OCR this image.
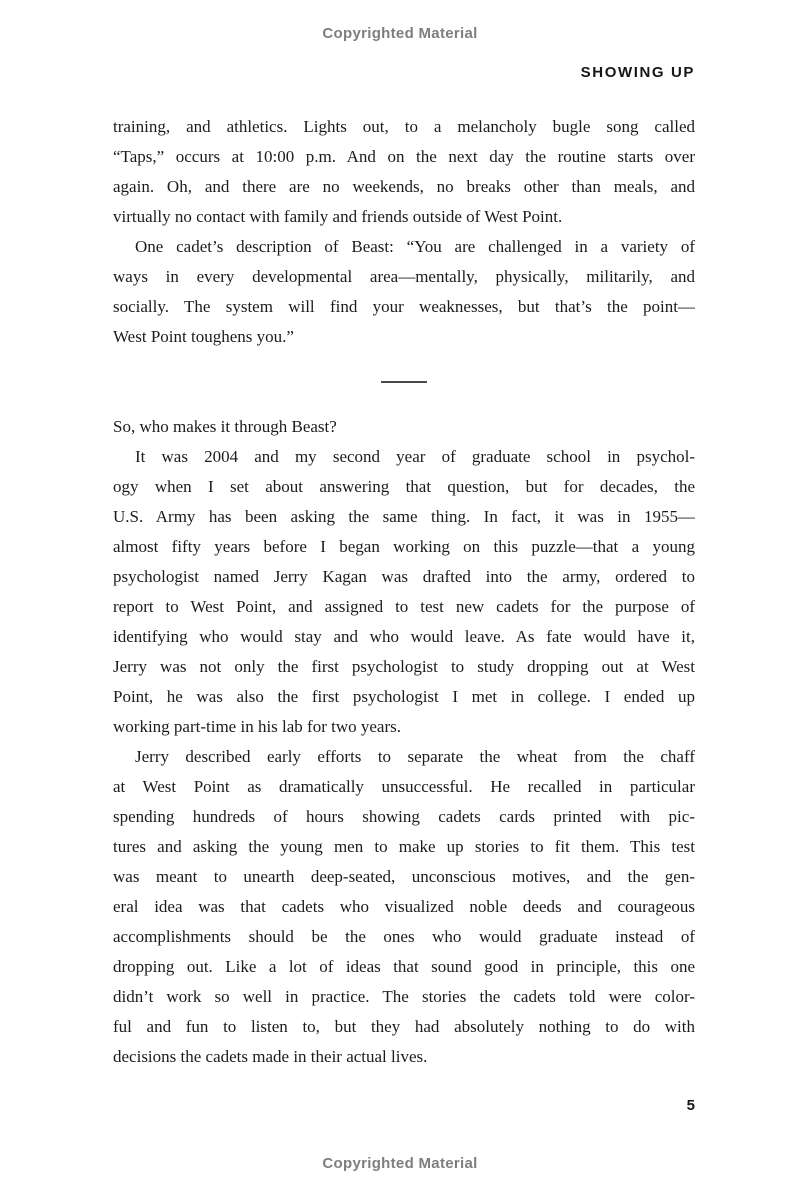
Copyrighted Material
SHOWING UP
training, and athletics. Lights out, to a melancholy bugle song called
“Taps,” occurs at 10:00 p.m. And on the next day the routine starts over
again. Oh, and there are no weekends, no breaks other than meals, and
virtually no contact with family and friends outside of West Point.
One cadet’s description of Beast: “You are challenged in a variety of
ways in every developmental area—mentally, physically, militarily, and
socially. The system will find your weaknesses, but that’s the point—
West Point toughens you.”
So, who makes it through Beast?
It was 2004 and my second year of graduate school in psychol-
ogy when I set about answering that question, but for decades, the
U.S. Army has been asking the same thing. In fact, it was in 1955—
almost fifty years before I began working on this puzzle—that a young
psychologist named Jerry Kagan was drafted into the army, ordered to
report to West Point, and assigned to test new cadets for the purpose of
identifying who would stay and who would leave. As fate would have it,
Jerry was not only the first psychologist to study dropping out at West
Point, he was also the first psychologist I met in college. I ended up
working part-time in his lab for two years.
Jerry described early efforts to separate the wheat from the chaff
at West Point as dramatically unsuccessful. He recalled in particular
spending hundreds of hours showing cadets cards printed with pic-
tures and asking the young men to make up stories to fit them. This test
was meant to unearth deep-seated, unconscious motives, and the gen-
eral idea was that cadets who visualized noble deeds and courageous
accomplishments should be the ones who would graduate instead of
dropping out. Like a lot of ideas that sound good in principle, this one
didn’t work so well in practice. The stories the cadets told were color-
ful and fun to listen to, but they had absolutely nothing to do with
decisions the cadets made in their actual lives.
5
Copyrighted Material
